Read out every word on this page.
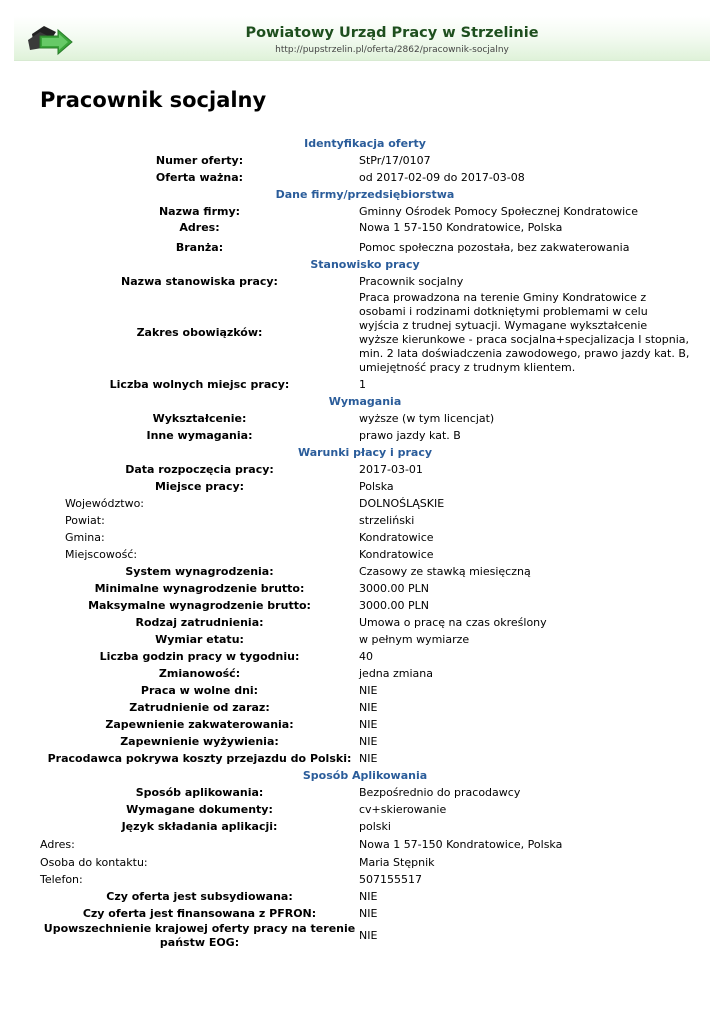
Powiatowy Urząd Pracy w Strzelinie
http://pupstrzelin.pl/oferta/2862/pracownik-socjalny
Pracownik socjalny
Identyfikacja oferty
Numer oferty:	StPr/17/0107
Oferta ważna:	od 2017-02-09 do 2017-03-08
Dane firmy/przedsiębiorstwa
Nazwa firmy:	Gminny Ośrodek Pomocy Społecznej Kondratowice
Adres:	Nowa 1 57-150 Kondratowice, Polska
Branża:	Pomoc społeczna pozostała, bez zakwaterowania
Stanowisko pracy
Nazwa stanowiska pracy:	Pracownik socjalny
Zakres obowiązków:
Praca prowadzona na terenie Gminy Kondratowice z osobami i rodzinami dotkniętymi problemami w celu wyjścia z trudnej sytuacji. Wymagane wykształcenie wyższe kierunkowe - praca socjalna+specjalizacja I stopnia, min. 2 lata doświadczenia zawodowego, prawo jazdy kat. B, umiejętność pracy z trudnym klientem.
Liczba wolnych miejsc pracy:	1
Wymagania
Wykształcenie:	wyższe (w tym licencjat)
Inne wymagania:	prawo jazdy kat. B
Warunki płacy i pracy
Data rozpoczęcia pracy:	2017-03-01
Miejsce pracy:	Polska
Województwo:	DOLNOŚLĄSKIE
Powiat:	strzeliński
Gmina:	Kondratowice
Miejscowość:	Kondratowice
System wynagrodzenia:	Czasowy ze stawką miesięczną
Minimalne wynagrodzenie brutto:	3000.00 PLN
Maksymalne wynagrodzenie brutto:	3000.00 PLN
Rodzaj zatrudnienia:	Umowa o pracę na czas określony
Wymiar etatu:	w pełnym wymiarze
Liczba godzin pracy w tygodniu:	40
Zmianowość:	jedna zmiana
Praca w wolne dni:	NIE
Zatrudnienie od zaraz:	NIE
Zapewnienie zakwaterowania:	NIE
Zapewnienie wyżywienia:	NIE
Pracodawca pokrywa koszty przejazdu do Polski: NIE
Sposób Aplikowania
Sposób aplikowania:	Bezpośrednio do pracodawcy
Wymagane dokumenty:	cv+skierowanie
Język składania aplikacji:	polski
Adres:	Nowa 1 57-150 Kondratowice, Polska
Osoba do kontaktu:	Maria Stępnik
Telefon:	507155517
Czy oferta jest subsydiowana:	NIE
Czy oferta jest finansowana z PFRON:	NIE
Upowszechnienie krajowej oferty pracy na terenie państw EOG:
NIE
